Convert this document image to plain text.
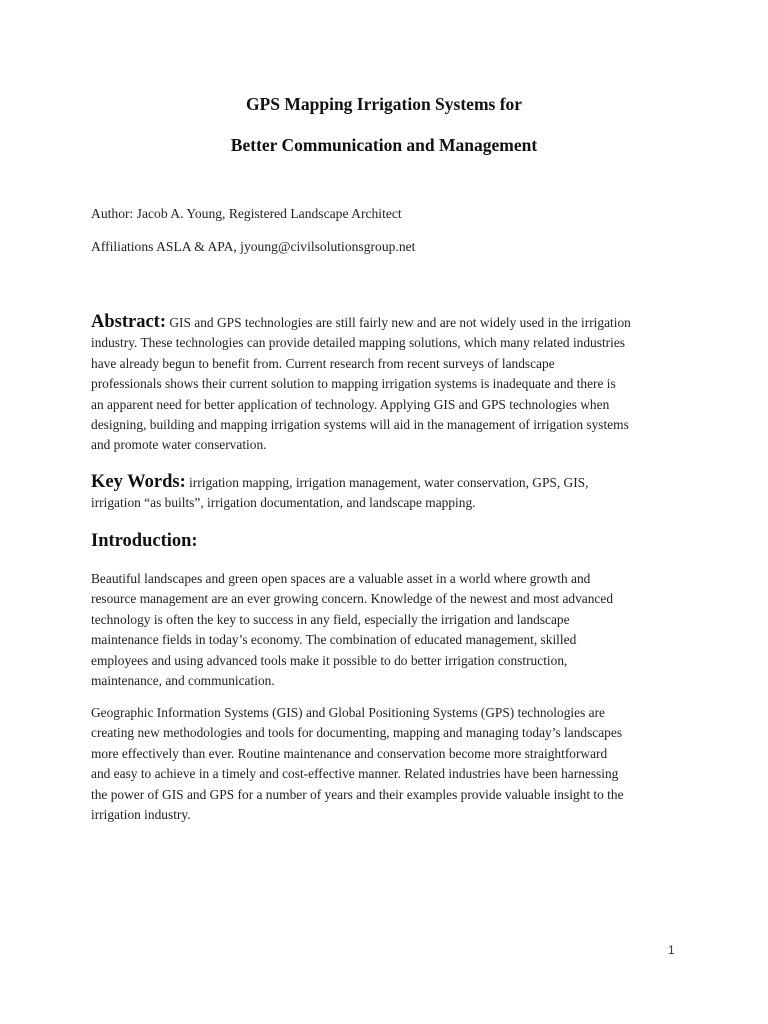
GPS Mapping Irrigation Systems for
Better Communication and Management
Author: Jacob A. Young, Registered Landscape Architect
Affiliations ASLA & APA, jyoung@civilsolutionsgroup.net
Abstract: GIS and GPS technologies are still fairly new and are not widely used in the irrigation
industry. These technologies can provide detailed mapping solutions, which many related industries
have already begun to benefit from. Current research from recent surveys of landscape
professionals shows their current solution to mapping irrigation systems is inadequate and there is
an apparent need for better application of technology. Applying GIS and GPS technologies when
designing, building and mapping irrigation systems will aid in the management of irrigation systems
and promote water conservation.
Key Words: irrigation mapping, irrigation management, water conservation, GPS, GIS,
irrigation “as builts”, irrigation documentation, and landscape mapping.
Introduction:
Beautiful landscapes and green open spaces are a valuable asset in a world where growth and
resource management are an ever growing concern. Knowledge of the newest and most advanced
technology is often the key to success in any field, especially the irrigation and landscape
maintenance fields in today’s economy. The combination of educated management, skilled
employees and using advanced tools make it possible to do better irrigation construction,
maintenance, and communication.
Geographic Information Systems (GIS) and Global Positioning Systems (GPS) technologies are
creating new methodologies and tools for documenting, mapping and managing today’s landscapes
more effectively than ever. Routine maintenance and conservation become more straightforward
and easy to achieve in a timely and cost-effective manner. Related industries have been harnessing
the power of GIS and GPS for a number of years and their examples provide valuable insight to the
irrigation industry.
1
